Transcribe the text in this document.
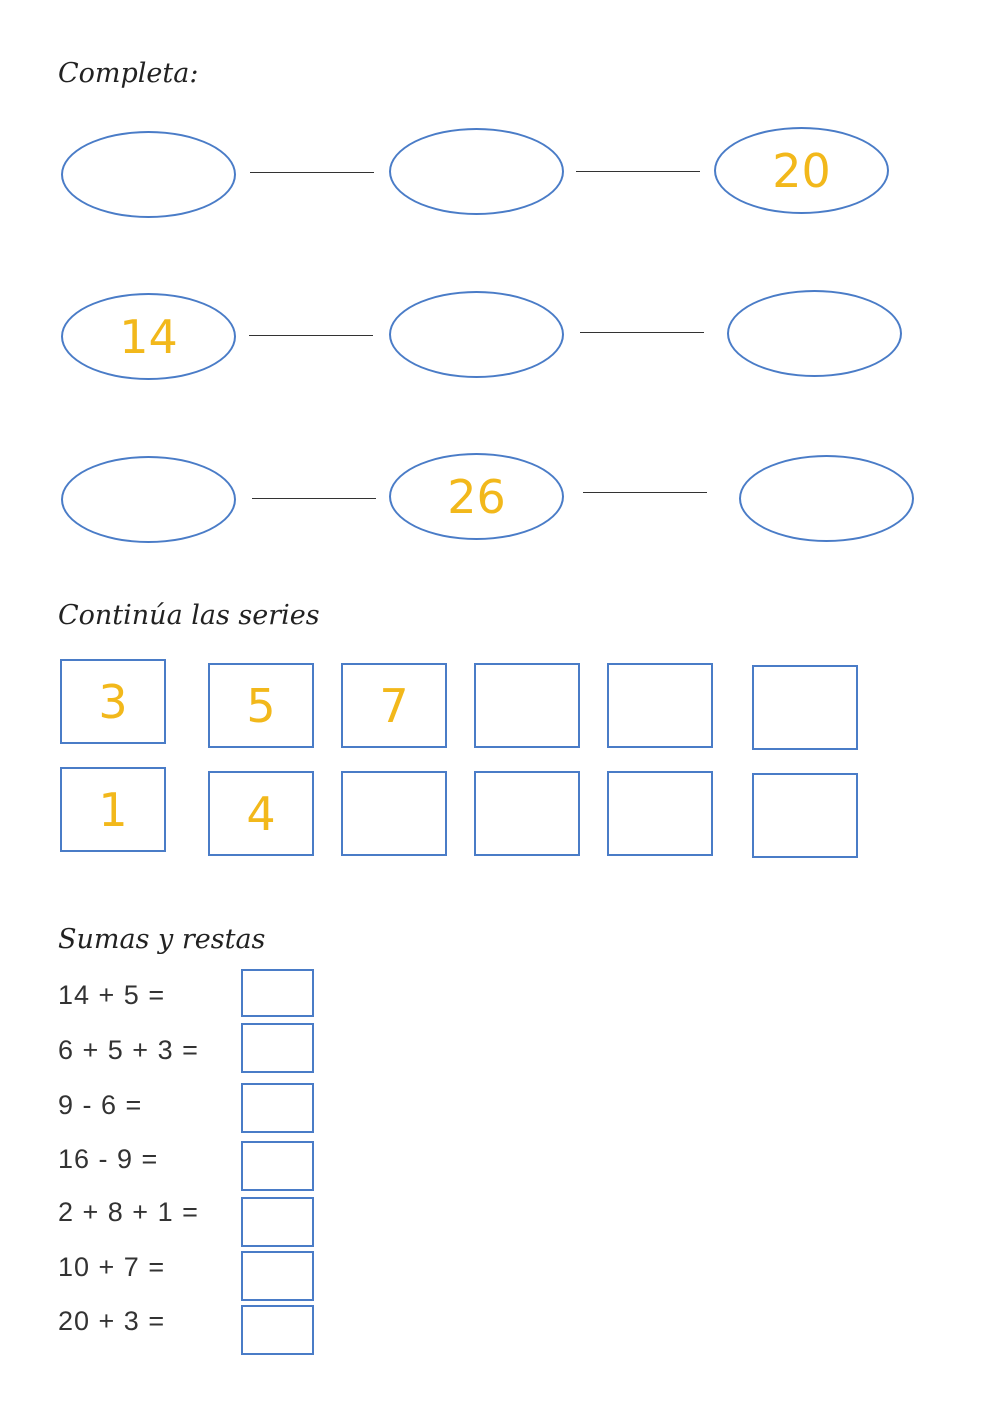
Completa:
20
14
26
Continúa las series
3	5 7
1	4
Sumas y restas
14 + 5 =
6 + 5 + 3 =
9 - 6 =
16 - 9 =
2 + 8 + 1 =
10 + 7 =
20 + 3 =
